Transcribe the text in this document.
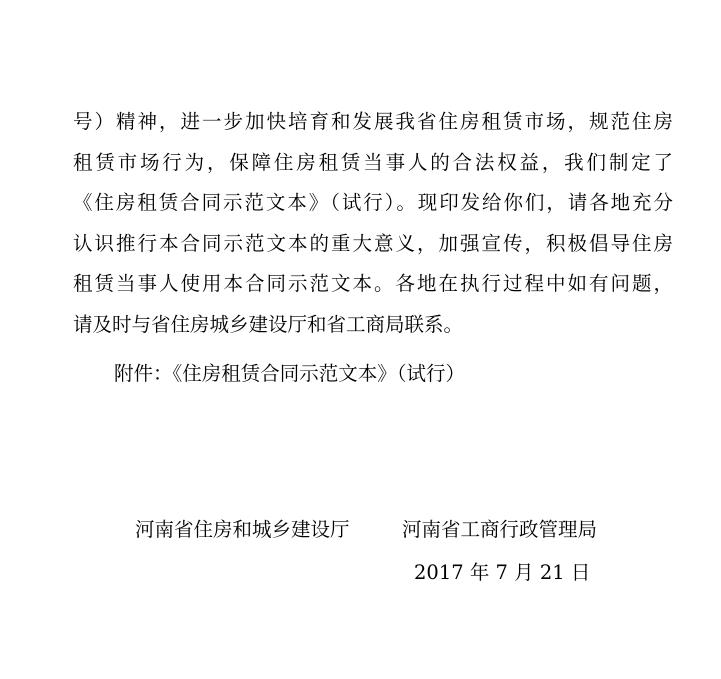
号）精神，进一步加快培育和发展我省住房租赁市场，规范住房
租赁市场行为，保障住房租赁当事人的合法权益，我们制定了
《住房租赁合同示范文本》（试行）。现印发给你们，请各地充分
认识推行本合同示范文本的重大意义，加强宣传，积极倡导住房
租赁当事人使用本合同示范文本。各地在执行过程中如有问题，
请及时与省住房城乡建设厅和省工商局联系。
附件：《住房租赁合同示范文本》（试行）
河南省住房和城乡建设厅	河南省工商行政管理局
2017 年 7 月 21 日
